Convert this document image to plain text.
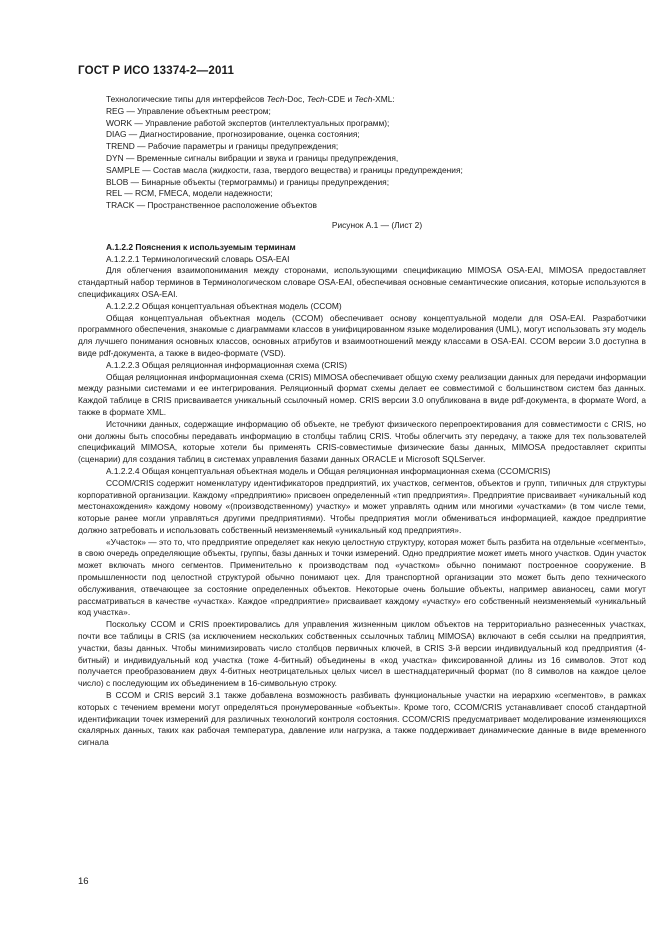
ГОСТ Р ИСО 13374-2—2011

Технологические типы для интерфейсов Tech-Doc, Tech-CDE и Tech-XML:

REG — Управление объектным реестром;
WORK — Управление работой экспертов (интеллектуальных программ);
DIAG — Диагностирование, прогнозирование, оценка состояния;
TREND — Рабочие параметры и границы предупреждения;
DYN — Временные сигналы вибрации и звука и границы предупреждения,
SAMPLE — Состав масла (жидкости, газа, твердого вещества) и границы предупреждения;
BLOB — Бинарные объекты (термограммы) и границы предупреждения;
REL — RCM, FMECA, модели надежности;
TRACK — Пространственное расположение объектов
Рисунок А.1 — (Лист 2)

А.1.2.2 Пояснения к используемым терминам

А.1.2.2.1 Терминологический словарь OSA-EAI

Для облегчения взаимопонимания между сторонами, использующими спецификацию MIMOSA OSA-EAI, MIMOSA предоставляет стандартный набор терминов в Терминологическом словаре OSA-EAI, обеспечивая основные семантические описания, которые используются в спецификациях OSA-EAI.

А.1.2.2.2 Общая концептуальная объектная модель (CCOM)

Общая концептуальная объектная модель (CCOM) обеспечивает основу концептуальной модели для OSA-EAI. Разработчики программного обеспечения, знакомые с диаграммами классов в унифицированном языке моделирования (UML), могут использовать эту модель для лучшего понимания основных классов, основных атрибутов и взаимоотношений между классами в OSA-EAI. CCOM версии 3.0 доступна в виде pdf-документа, а также в видео-формате (VSD).

А.1.2.2.3 Общая реляционная информационная схема (CRIS)

Общая реляционная информационная схема (CRIS) MIMOSA обеспечивает общую схему реализации данных для передачи информации между разными системами и ее интегрирования. Реляционный формат схемы делает ее совместимой с большинством систем баз данных. Каждой таблице в CRIS присваивается уникальный ссылочный номер. CRIS версии 3.0 опубликована в виде pdf-документа, в формате Word, а также в формате XML.

Источники данных, содержащие информацию об объекте, не требуют физического перепроектирования для совместимости с CRIS, но они должны быть способны передавать информацию в столбцы таблиц CRIS. Чтобы облегчить эту передачу, а также для тех пользователей спецификаций MIMOSA, которые хотели бы применять CRIS-совместимые физические базы данных, MIMOSA предоставляет скрипты (сценарии) для создания таблиц в системах управления базами данных ORACLE и Microsoft SQLServer.

А.1.2.2.4 Общая концептуальная объектная модель и Общая реляционная информационная схема (CCOM/CRIS)

CCOM/CRIS содержит номенклатуру идентификаторов предприятий, их участков, сегментов, объектов и групп, типичных для структуры корпоративной организации. Каждому «предприятию» присвоен определенный «тип предприятия». Предприятие присваивает «уникальный код местонахождения» каждому новому «(производственному) участку» и может управлять одним или многими «участками» (в том числе теми, которые ранее могли управляться другими предприятиями). Чтобы предприятия могли обмениваться информацией, каждое предприятие должно затребовать и использовать собственный неизменяемый «уникальный код предприятия».

«Участок» — это то, что предприятие определяет как некую целостную структуру, которая может быть разбита на отдельные «сегменты», в свою очередь определяющие объекты, группы, базы данных и точки измерений. Одно предприятие может иметь много участков. Один участок может включать много сегментов. Применительно к производствам под «участком» обычно понимают построенное сооружение. В промышленности под целостной структурой обычно понимают цех. Для транспортной организации это может быть депо технического обслуживания, отвечающее за состояние определенных объектов. Некоторые очень большие объекты, например авианосец, сами могут рассматриваться в качестве «участка». Каждое «предприятие» присваивает каждому «участку» его собственный неизменяемый «уникальный код участка».

Поскольку CCOM и CRIS проектировались для управления жизненным циклом объектов на территориально разнесенных участках, почти все таблицы в CRIS (за исключением нескольких собственных ссылочных таблиц MIMOSA) включают в себя ссылки на предприятия, участки, базы данных. Чтобы минимизировать число столбцов первичных ключей, в CRIS 3-й версии индивидуальный код предприятия (4-битный) и индивидуальный код участка (тоже 4-битный) объединены в «код участка» фиксированной длины из 16 символов. Этот код получается преобразованием двух 4-битных неотрицательных целых чисел в шестнадцатеричный формат (по 8 символов на каждое целое число) с последующим их объединением в 16-символьную строку.

В CCOM и CRIS версий 3.1 также добавлена возможность разбивать функциональные участки на иерархию «сегментов», в рамках которых с течением времени могут определяться пронумерованные «объекты». Кроме того, CCOM/CRIS устанавливает способ стандартной идентификации точек измерений для различных технологий контроля состояния. CCOM/CRIS предусматривает моделирование изменяющихся скалярных данных, таких как рабочая температура, давление или нагрузка, а также поддерживает динамические данные в виде временного сигнала

16
